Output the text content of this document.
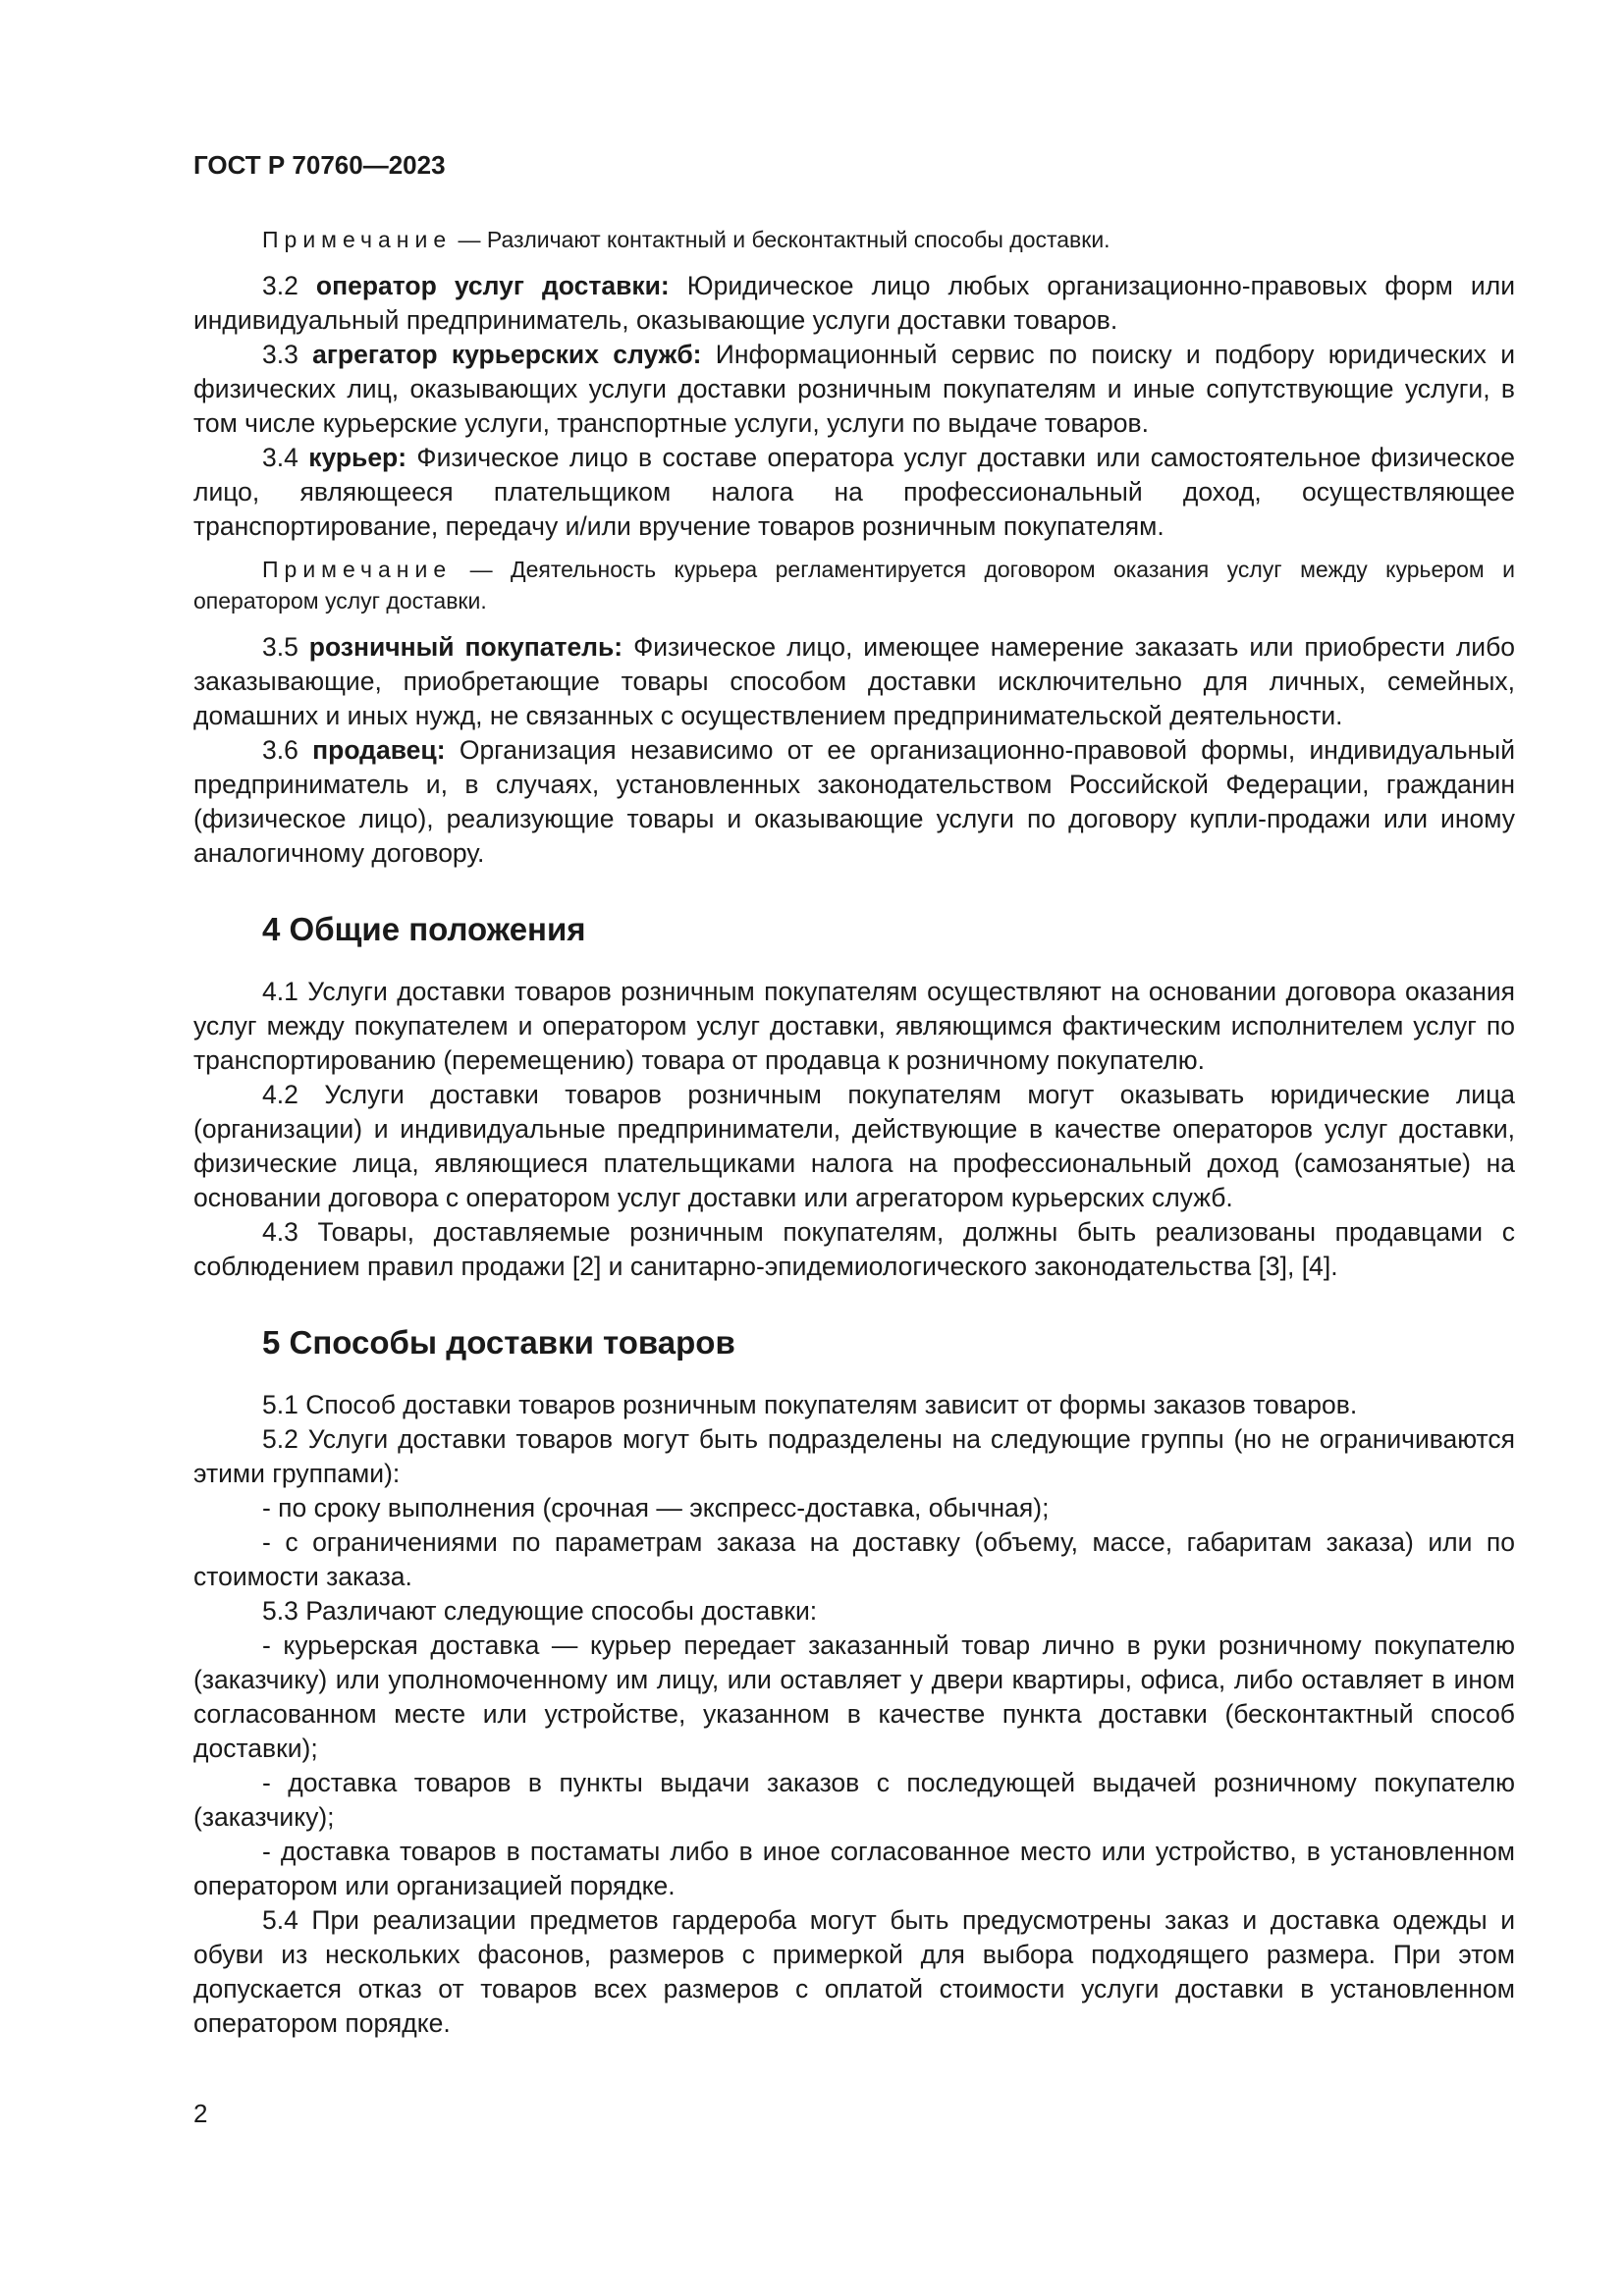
ГОСТ Р 70760—2023

Примечание — Различают контактный и бесконтактный способы доставки.

3.2 оператор услуг доставки: Юридическое лицо любых организационно-правовых форм или индивидуальный предприниматель, оказывающие услуги доставки товаров.

3.3 агрегатор курьерских служб: Информационный сервис по поиску и подбору юридических и физических лиц, оказывающих услуги доставки розничным покупателям и иные сопутствующие услуги, в том числе курьерские услуги, транспортные услуги, услуги по выдаче товаров.

3.4 курьер: Физическое лицо в составе оператора услуг доставки или самостоятельное физическое лицо, являющееся плательщиком налога на профессиональный доход, осуществляющее транспортирование, передачу и/или вручение товаров розничным покупателям.

Примечание — Деятельность курьера регламентируется договором оказания услуг между курьером и оператором услуг доставки.

3.5 розничный покупатель: Физическое лицо, имеющее намерение заказать или приобрести либо заказывающие, приобретающие товары способом доставки исключительно для личных, семейных, домашних и иных нужд, не связанных с осуществлением предпринимательской деятельности.

3.6 продавец: Организация независимо от ее организационно-правовой формы, индивидуальный предприниматель и, в случаях, установленных законодательством Российской Федерации, гражданин (физическое лицо), реализующие товары и оказывающие услуги по договору купли-продажи или иному аналогичному договору.

4 Общие положения

4.1 Услуги доставки товаров розничным покупателям осуществляют на основании договора оказания услуг между покупателем и оператором услуг доставки, являющимся фактическим исполнителем услуг по транспортированию (перемещению) товара от продавца к розничному покупателю.

4.2 Услуги доставки товаров розничным покупателям могут оказывать юридические лица (организации) и индивидуальные предприниматели, действующие в качестве операторов услуг доставки, физические лица, являющиеся плательщиками налога на профессиональный доход (самозанятые) на основании договора с оператором услуг доставки или агрегатором курьерских служб.

4.3 Товары, доставляемые розничным покупателям, должны быть реализованы продавцами с соблюдением правил продажи [2] и санитарно-эпидемиологического законодательства [3], [4].

5 Способы доставки товаров

5.1 Способ доставки товаров розничным покупателям зависит от формы заказов товаров.

5.2 Услуги доставки товаров могут быть подразделены на следующие группы (но не ограничиваются этими группами):

- по сроку выполнения (срочная — экспресс-доставка, обычная);

- с ограничениями по параметрам заказа на доставку (объему, массе, габаритам заказа) или по стоимости заказа.

5.3 Различают следующие способы доставки:

- курьерская доставка — курьер передает заказанный товар лично в руки розничному покупателю (заказчику) или уполномоченному им лицу, или оставляет у двери квартиры, офиса, либо оставляет в ином согласованном месте или устройстве, указанном в качестве пункта доставки (бесконтактный способ доставки);

- доставка товаров в пункты выдачи заказов с последующей выдачей розничному покупателю (заказчику);

- доставка товаров в постаматы либо в иное согласованное место или устройство, в установленном оператором или организацией порядке.

5.4 При реализации предметов гардероба могут быть предусмотрены заказ и доставка одежды и обуви из нескольких фасонов, размеров с примеркой для выбора подходящего размера. При этом допускается отказ от товаров всех размеров с оплатой стоимости услуги доставки в установленном оператором порядке.

2
